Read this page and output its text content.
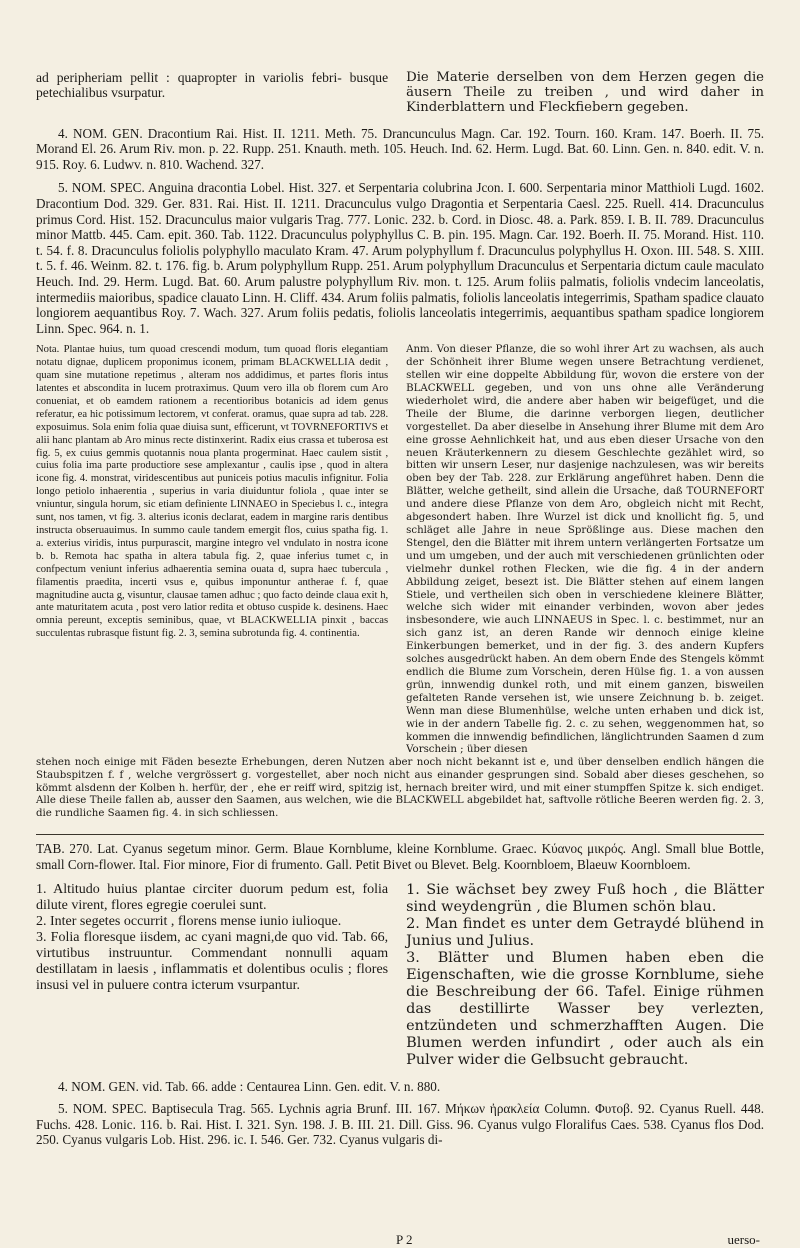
ad peripheriam pellit : quapropter in variolis febri- busque petechialibus vsurpatur.

Die Materie derselben von dem Herzen gegen die äusern Theile zu treiben , und wird daher in Kinderblattern und Fleckfiebern gegeben.

4. NOM. GEN. Dracontium Rai. Hist. II. 1211. Meth. 75. Drancunculus Magn. Car. 192. Tourn. 160. Kram. 147. Boerh. II. 75. Morand El. 26. Arum Riv. mon. p. 22. Rupp. 251. Knauth. meth. 105. Heuch. Ind. 62. Herm. Lugd. Bat. 60. Linn. Gen. n. 840. edit. V. n. 915. Roy. 6. Ludwv. n. 810. Wachend. 327.

5. NOM. SPEC. Anguina dracontia Lobel. Hist. 327. et Serpentaria colubrina Jcon. I. 600. Serpentaria minor Matthioli Lugd. 1602. Dracontium Dod. 329. Ger. 831. Rai. Hist. II. 1211. Dracunculus vulgo Dragontia et Serpentaria Caesl. 225. Ruell. 414. Dracunculus primus Cord. Hist. 152. Dracunculus maior vulgaris Trag. 777. Lonic. 232. b. Cord. in Diosc. 48. a. Park. 859. I. B. II. 789. Dracunculus minor Mattb. 445. Cam. epit. 360. Tab. 1122. Dracunculus polyphyllus C. B. pin. 195. Magn. Car. 192. Boerh. II. 75. Morand. Hist. 110. t. 54. f. 8. Dracunculus foliolis polyphyllo maculato Kram. 47. Arum polyphyllum f. Dracunculus polyphyllus H. Oxon. III. 548. S. XIII. t. 5. f. 46. Weinm. 82. t. 176. fig. b. Arum polyphyllum Rupp. 251. Arum polyphyllum Dracunculus et Serpentaria dictum caule maculato Heuch. Ind. 29. Herm. Lugd. Bat. 60. Arum palustre polyphyllum Riv. mon. t. 125. Arum foliis palmatis, foliolis vndecim lanceolatis, intermediis maioribus, spadice clauato Linn. H. Cliff. 434. Arum foliis palmatis, foliolis lanceolatis integerrimis, Spatham spadice clauato longiorem aequantibus Roy. 7. Wach. 327. Arum foliis pedatis, foliolis lanceolatis integerrimis, aequantibus spatham spadice longiorem Linn. Spec. 964. n. 1.

Nota. Plantae huius, tum quoad crescendi modum, tum quoad floris elegantiam notatu dignae, duplicem proponimus iconem, primam BLACKWELLIA dedit , quam sine mutatione repetimus , alteram nos addidimus, et partes floris intus latentes et abscondita in lucem protraximus. Quum vero illa ob florem cum Aro conueniat, et ob eamdem rationem a recentioribus botanicis ad idem genus referatur, ea hic potissimum lectorem, vt conferat. oramus, quae supra ad tab. 228. exposuimus. Sola enim folia quae diuisa sunt, efficerunt, vt TOVRNEFORTIVS et alii hanc plantam ab Aro minus recte distinxerint. Radix eius crassa et tuberosa est fig. 5, ex cuius gemmis quotannis noua planta progerminat. Haec caulem sistit , cuius folia ima parte productiore sese amplexantur , caulis ipse , quod in altera icone fig. 4. monstrat, viridescentibus aut puniceis potius maculis infignitur. Folia longo petiolo inhaerentia , superius in varia diuiduntur foliola , quae inter se vniuntur, singula horum, sic etiam definiente LINNAEO in Speciebus l. c., integra sunt, nos tamen, vt fig. 3. alterius iconis declarat, eadem in margine raris dentibus instructa obseruauimus. In summo caule tandem emergit flos, cuius spatha fig. 1. a. exterius viridis, intus purpurascit, margine integro vel vndulato in nostra icone b. b. Remota hac spatha in altera tabula fig. 2, quae inferius tumet c, in confpectum veniunt inferius adhaerentia semina ouata d, supra haec tubercula , filamentis praedita, incerti vsus e, quibus imponuntur antherae f. f, quae magnitudine aucta g, visuntur, clausae tamen adhuc ; quo facto deinde claua exit h, ante maturitatem acuta , post vero latior redita et obtuso cuspide k. desinens. Haec omnia pereunt, exceptis seminibus, quae, vt BLACKWELLIA pinxit , baccas succulentas rubrasque fistunt fig. 2. 3, semina subrotunda fig. 4. continentia.

Anm. Von dieser Pflanze, die so wohl ihrer Art zu wachsen, als auch der Schönheit ihrer Blume wegen unsere Betrachtung verdienet, stellen wir eine doppelte Abbildung für, wovon die erstere von der BLACKWELL gegeben, und von uns ohne alle Veränderung wiederholet wird, die andere aber haben wir beigefüget, und die Theile der Blume, die darinne verborgen liegen, deutlicher vorgestellet. Da aber dieselbe in Ansehung ihrer Blume mit dem Aro eine grosse Aehnlichkeit hat, und aus eben dieser Ursache von den neuen Kräuterkennern zu diesem Geschlechte gezählet wird, so bitten wir unsern Leser, nur dasjenige nachzulesen, was wir bereits oben bey der Tab. 228. zur Erklärung angeführet haben. Denn die Blätter, welche getheilt, sind allein die Ursache, daß TOURNEFORT und andere diese Pflanze von dem Aro, obgleich nicht mit Recht, abgesondert haben. Ihre Wurzel ist dick und knollicht fig. 5, und schläget alle Jahre in neue Sprößlinge aus. Diese machen den Stengel, den die Blätter mit ihrem untern verlängerten Fortsatze um und um umgeben, und der auch mit verschiedenen grünlichten oder vielmehr dunkel rothen Flecken, wie die fig. 4 in der andern Abbildung zeiget, besezt ist. Die Blätter stehen auf einem langen Stiele, und vertheilen sich oben in verschiedene kleinere Blätter, welche sich wider mit einander verbinden, wovon aber jedes insbesondere, wie auch LINNAEUS in Spec. l. c. bestimmet, nur an sich ganz ist, an deren Rande wir dennoch einige kleine Einkerbungen bemerket, und in der fig. 3. des andern Kupfers solches ausgedrückt haben. An dem obern Ende des Stengels kömmt endlich die Blume zum Vorschein, deren Hülse fig. 1. a von aussen grün, innwendig dunkel roth, und mit einem ganzen, bisweilen gefalteten Rande versehen ist, wie unsere Zeichnung b. b. zeiget. Wenn man diese Blumenhülse, welche unten erhaben und dick ist, wie in der andern Tabelle fig. 2. c. zu sehen, weggenommen hat, so kommen die innwendig befindlichen, länglichtrunden Saamen d zum Vorschein ; über diesen

stehen noch einige mit Fäden besezte Erhebungen, deren Nutzen aber noch nicht bekannt ist e, und über denselben endlich hängen die Staubspitzen f. f , welche vergrössert g. vorgestellet, aber noch nicht aus einander gesprungen sind. Sobald aber dieses geschehen, so kömmt alsdenn der Kolben h. herfür, der , ehe er reiff wird, spitzig ist, hernach breiter wird, und mit einer stumpffen Spitze k. sich endiget. Alle diese Theile fallen ab, ausser den Saamen, aus welchen, wie die BLACKWELL abgebildet hat, saftvolle rötliche Beeren werden fig. 2. 3, die rundliche Saamen fig. 4. in sich schliessen.

TAB. 270. Lat. Cyanus segetum minor. Germ. Blaue Kornblume, kleine Kornblume. Graec. Κύανος μικρός. Angl. Small blue Bottle, small Corn-flower. Ital. Fior minore, Fior di frumento. Gall. Petit Bivet ou Blevet. Belg. Koornbloem, Blaeuw Koornbloem.

1. Altitudo huius plantae circiter duorum pedum est, folia dilute virent, flores egregie coerulei sunt.

2. Inter segetes occurrit , florens mense iunio iulioque.

3. Folia floresque iisdem, ac cyani magni,de quo vid. Tab. 66, virtutibus instruuntur. Commendant nonnulli aquam destillatam in laesis , inflammatis et dolentibus oculis ; flores insusi vel in puluere contra icterum vsurpantur.

1. Sie wächset bey zwey Fuß hoch , die Blätter sind weydengrün , die Blumen schön blau.

2. Man findet es unter dem Getraydé blühend in Junius und Julius.

3. Blätter und Blumen haben eben die Eigenschaften, wie die grosse Kornblume, siehe die Beschreibung der 66. Tafel. Einige rühmen das destillirte Wasser bey verlezten, entzündeten und schmerzhafften Augen. Die Blumen werden infundirt , oder auch als ein Pulver wider die Gelbsucht gebraucht.

4. NOM. GEN. vid. Tab. 66. adde : Centaurea Linn. Gen. edit. V. n. 880.

5. NOM. SPEC. Baptisecula Trag. 565. Lychnis agria Brunf. III. 167. Μήκων ἠρακλεία Column. Φυτοβ. 92. Cyanus Ruell. 448. Fuchs. 428. Lonic. 116. b. Rai. Hist. I. 321. Syn. 198. J. B. III. 21. Dill. Giss. 96. Cyanus vulgo Floralifus Caes. 538. Cyanus flos Dod. 250. Cyanus vulgaris Lob. Hist. 296. ic. I. 546. Ger. 732. Cyanus vulgaris di-

P 2	uerso-
